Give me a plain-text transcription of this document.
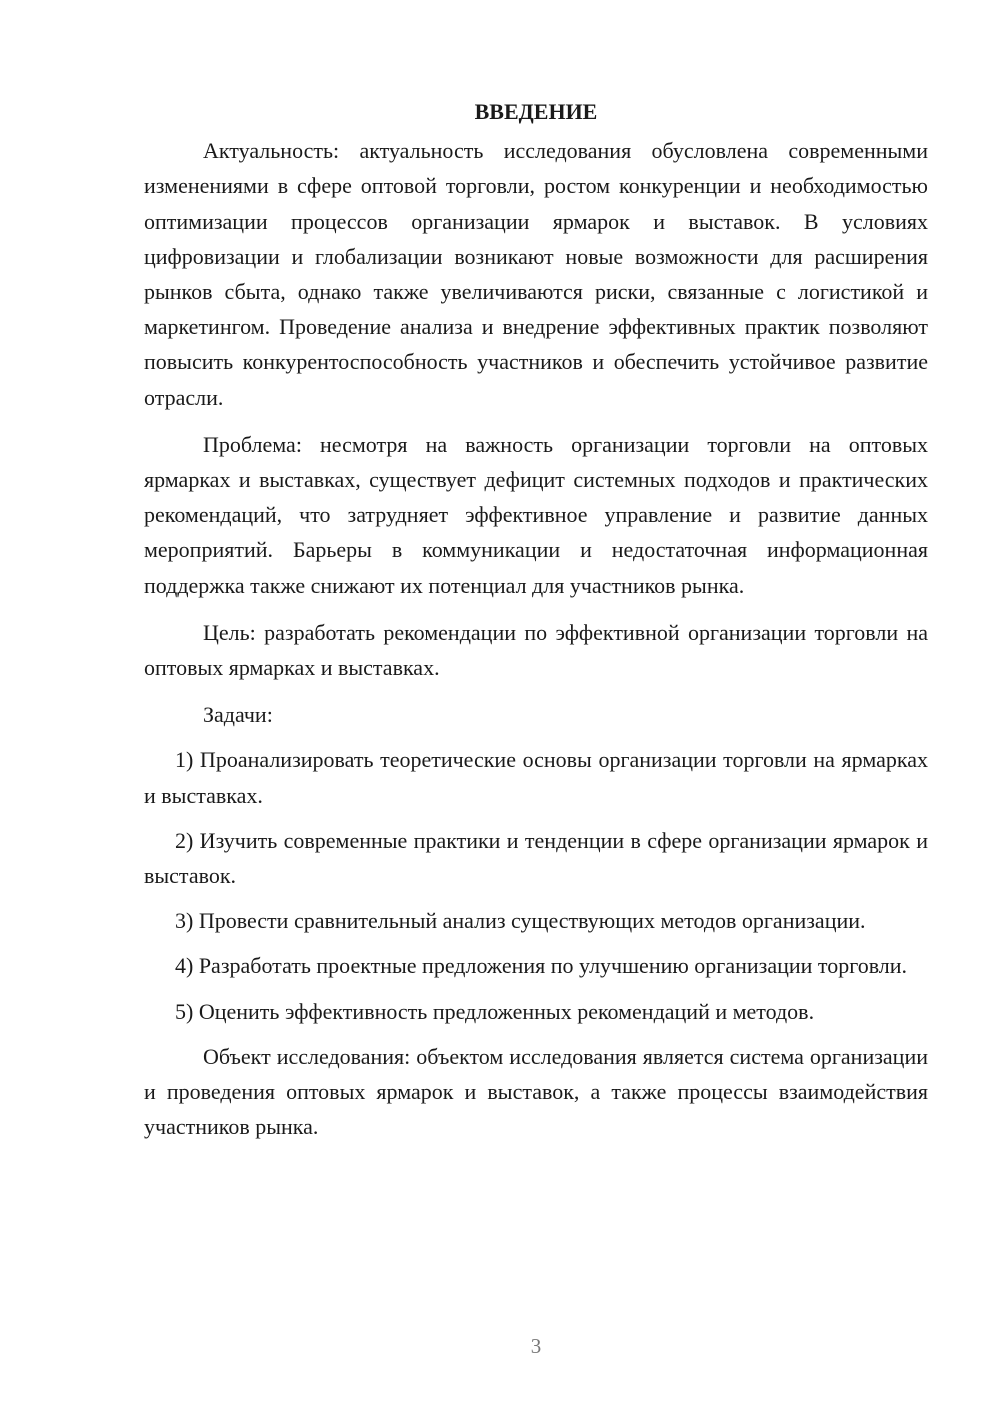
ВВЕДЕНИЕ

Актуальность: актуальность исследования обусловлена современными изменениями в сфере оптовой торговли, ростом конкуренции и необходимостью оптимизации процессов организации ярмарок и выставок. В условиях цифровизации и глобализации возникают новые возможности для расширения рынков сбыта, однако также увеличиваются риски, связанные с логистикой и маркетингом. Проведение анализа и внедрение эффективных практик позволяют повысить конкурентоспособность участников и обеспечить устойчивое развитие отрасли.

Проблема: несмотря на важность организации торговли на оптовых ярмарках и выставках, существует дефицит системных подходов и практических рекомендаций, что затрудняет эффективное управление и развитие данных мероприятий. Барьеры в коммуникации и недостаточная информационная поддержка также снижают их потенциал для участников рынка.

Цель: разработать рекомендации по эффективной организации торговли на оптовых ярмарках и выставках.

Задачи:

1) Проанализировать теоретические основы организации торговли на ярмарках и выставках.

2) Изучить современные практики и тенденции в сфере организации ярмарок и выставок.

3) Провести сравнительный анализ существующих методов организации.

4) Разработать проектные предложения по улучшению организации торговли.

5) Оценить эффективность предложенных рекомендаций и методов.

Объект исследования: объектом исследования является система организации и проведения оптовых ярмарок и выставок, а также процессы взаимодействия участников рынка.

3
